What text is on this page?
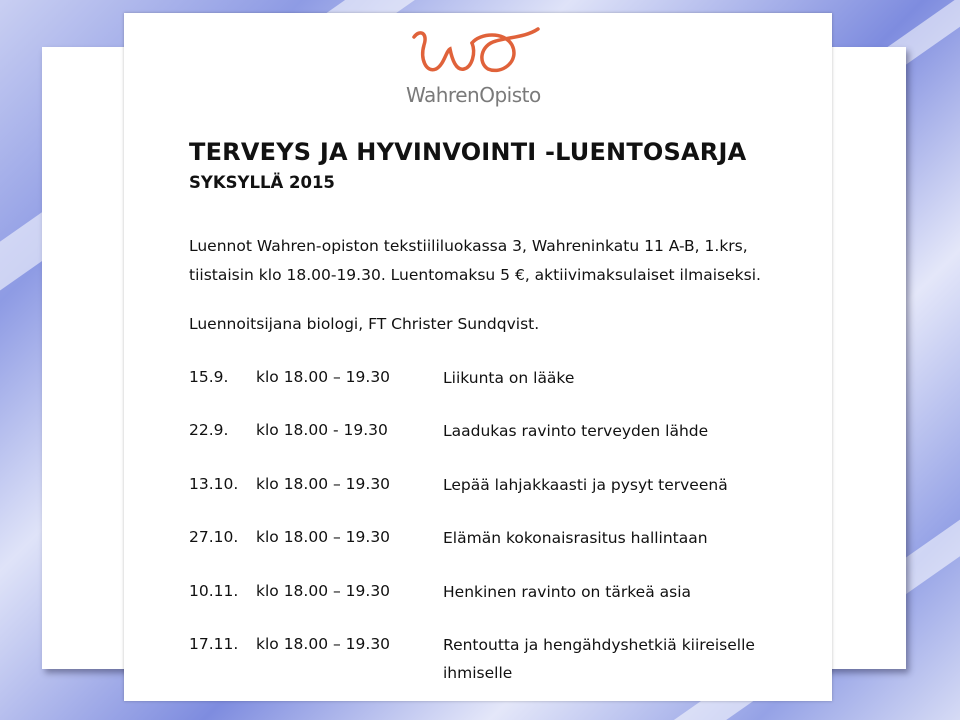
WahrenOpisto
TERVEYS JA HYVINVOINTI -LUENTOSARJA
SYKSYLLÄ 2015
Luennot Wahren-opiston tekstiililuokassa 3, Wahreninkatu 11 A-B, 1.krs,
tiistaisin klo 18.00-19.30. Luentomaksu 5 €, aktiivimaksulaiset ilmaiseksi.
Luennoitsijana biologi, FT Christer Sundqvist.
15.9. klo 18.00 – 19.30	Liikunta on lääke
22.9. klo 18.00 - 19.30	Laadukas ravinto terveyden lähde
13.10. klo 18.00 – 19.30	Lepää lahjakkaasti ja pysyt terveenä
27.10. klo 18.00 – 19.30	Elämän kokonaisrasitus hallintaan
10.11. klo 18.00 – 19.30	Henkinen ravinto on tärkeä asia
17.11. klo 18.00 – 19.30	Rentoutta ja hengähdyshetkiä kiireiselle ihmiselle
